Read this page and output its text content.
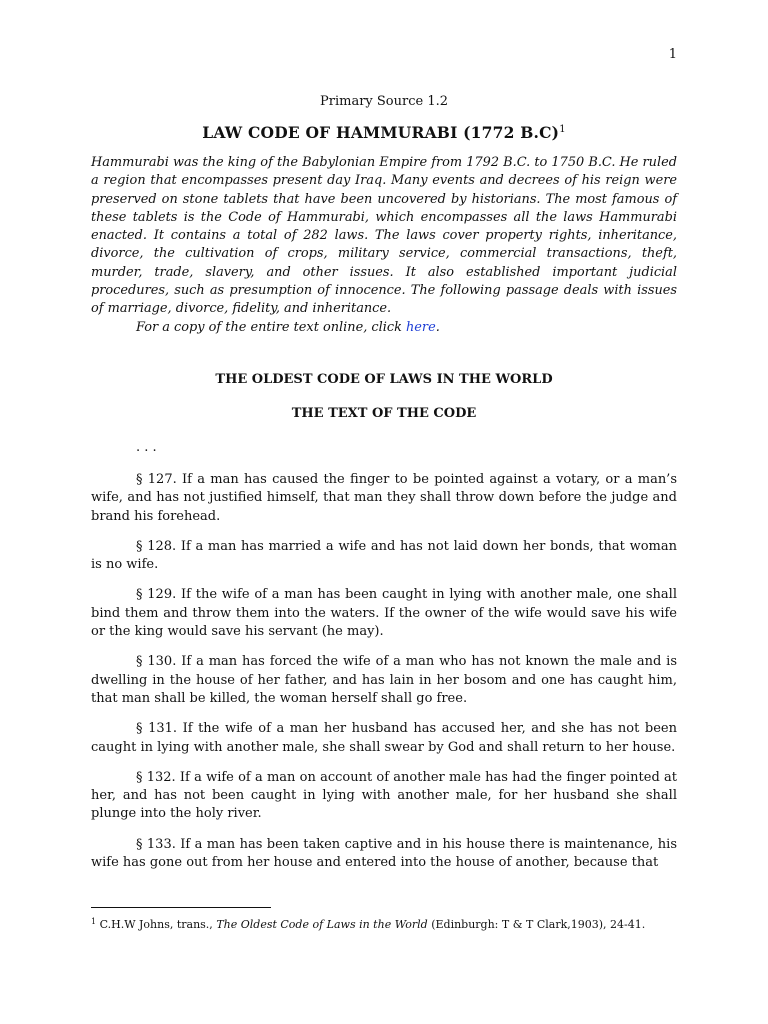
1

Primary Source 1.2

LAW CODE OF HAMMURABI (1772 B.C)$^1$

Hammurabi was the king of the Babylonian Empire from 1792 B.C. to 1750 B.C. He ruled a region that encompasses present day Iraq. Many events and decrees of his reign were preserved on stone tablets that have been uncovered by historians. The most famous of these tablets is the Code of Hammurabi, which encompasses all the laws Hammurabi enacted. It contains a total of 282 laws. The laws cover property rights, inheritance, divorce, the cultivation of crops, military service, commercial transactions, theft, murder, trade, slavery, and other issues. It also established important judicial procedures, such as presumption of innocence. The following passage deals with issues of marriage, divorce, fidelity, and inheritance.

For a copy of the entire text online, click here.

THE OLDEST CODE OF LAWS IN THE WORLD
THE TEXT OF THE CODE

. . .

§ 127. If a man has caused the finger to be pointed against a votary, or a man’s wife, and has not justified himself, that man they shall throw down before the judge and brand his forehead.

§ 128. If a man has married a wife and has not laid down her bonds, that woman is no wife.

§ 129. If the wife of a man has been caught in lying with another male, one shall bind them and throw them into the waters. If the owner of the wife would save his wife or the king would save his servant (he may).

§ 130. If a man has forced the wife of a man who has not known the male and is dwelling in the house of her father, and has lain in her bosom and one has caught him, that man shall be killed, the woman herself shall go free.

§ 131. If the wife of a man her husband has accused her, and she has not been caught in lying with another male, she shall swear by God and shall return to her house.

§ 132. If a wife of a man on account of another male has had the finger pointed at her, and has not been caught in lying with another male, for her husband she shall plunge into the holy river.

§ 133. If a man has been taken captive and in his house there is maintenance, his wife has gone out from her house and entered into the house of another, because that

$^1$ C.H.W Johns, trans., The Oldest Code of Laws in the World (Edinburgh: T & T Clark,1903), 24-41.
